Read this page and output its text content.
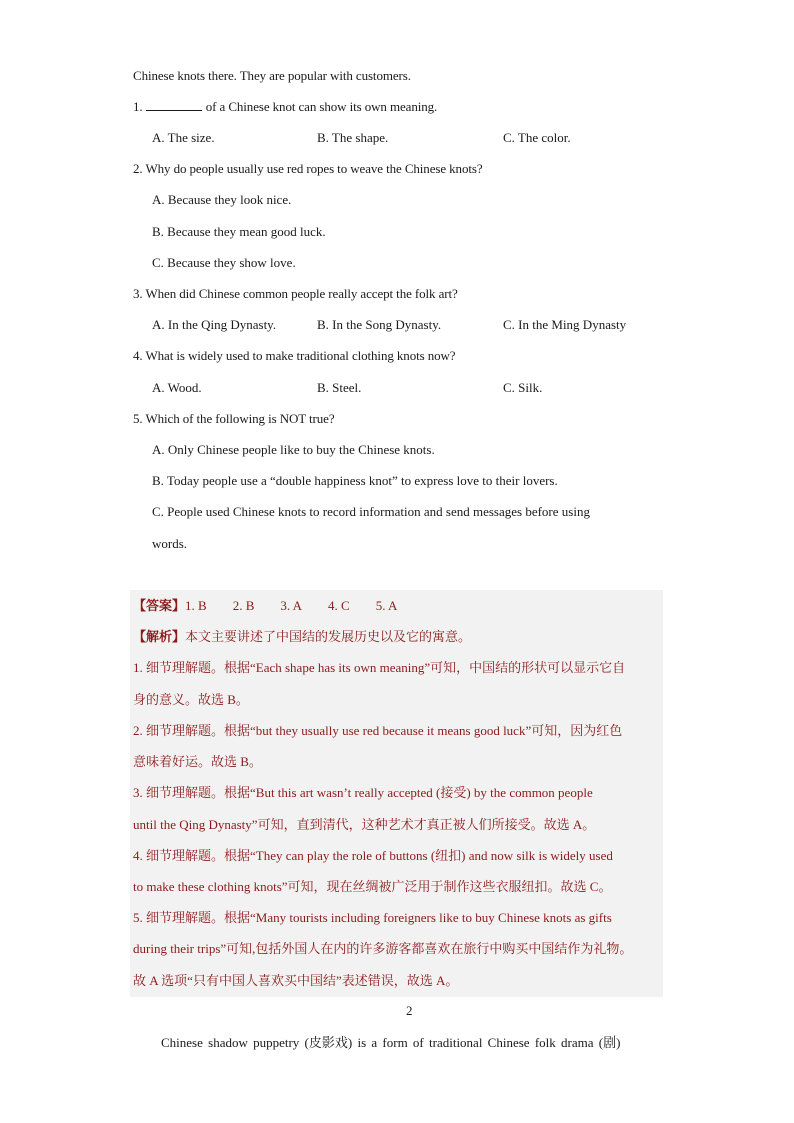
Chinese knots there. They are popular with customers.
1.	of a Chinese knot can show its own meaning.
A. The size.	B. The shape.	C. The color.
2. Why do people usually use red ropes to weave the Chinese knots?
A. Because they look nice.
B. Because they mean good luck.
C. Because they show love.
3. When did Chinese common people really accept the folk art?
A. In the Qing Dynasty.	B. In the Song Dynasty.	C. In the Ming Dynasty
4. What is widely used to make traditional clothing knots now?
A. Wood.	B. Steel.	C. Silk.
5. Which of the following is NOT true?
A. Only Chinese people like to buy the Chinese knots.
B. Today people use a “double happiness knot” to express love to their lovers.
C. People used Chinese knots to record information and send messages before using
words.
【答案】1. B 2. B 3. A 4. C 5. A
【解析】本文主要讲述了中国结的发展历史以及它的寓意。
1. 细节理解题。根据“Each shape has its own meaning”可知，中国结的形状可以显示它自
身的意义。故选 B。
2. 细节理解题。根据“but they usually use red because it means good luck”可知，因为红色
意味着好运。故选 B。
3. 细节理解题。根据“But this art wasn’t really accepted (接受) by the common people
until the Qing Dynasty”可知，直到清代，这种艺术才真正被人们所接受。故选 A。
4. 细节理解题。根据“They can play the role of buttons (纽扣) and now silk is widely used
to make these clothing knots”可知，现在丝绸被广泛用于制作这些衣服纽扣。故选 C。
5. 细节理解题。根据“Many tourists including foreigners like to buy Chinese knots as gifts
during their trips”可知,包括外国人在内的许多游客都喜欢在旅行中购买中国结作为礼物。
故 A 选项“只有中国人喜欢买中国结”表述错误，故选 A。
2
Chinese shadow puppetry (皮影戏) is a form of traditional Chinese folk drama (剧)
